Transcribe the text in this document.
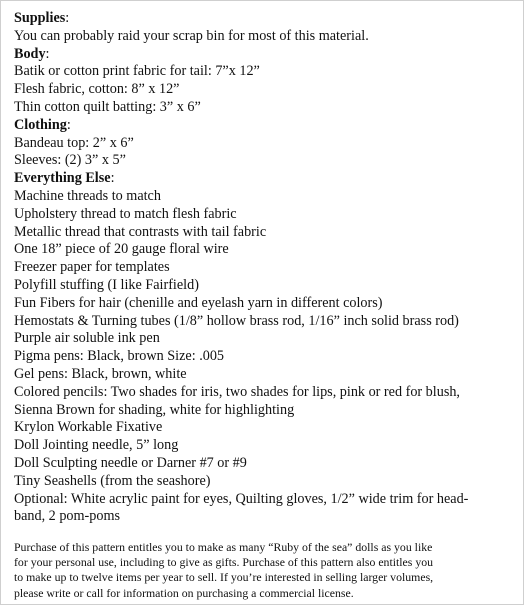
Supplies:
You can probably raid your scrap bin for most of this material.
Body:
Batik or cotton print fabric for tail: 7”x 12”
Flesh fabric, cotton: 8” x 12”
Thin cotton quilt batting: 3” x 6”
Clothing:
Bandeau top: 2” x 6”
Sleeves: (2) 3” x 5”
Everything Else:
Machine threads to match
Upholstery thread to match flesh fabric
Metallic thread that contrasts with tail fabric
One 18” piece of 20 gauge floral wire
Freezer paper for templates
Polyfill stuffing (I like Fairfield)
Fun Fibers for hair (chenille and eyelash yarn in different colors)
Hemostats & Turning tubes (1/8” hollow brass rod, 1/16” inch solid brass rod)
Purple air soluble ink pen
Pigma pens: Black, brown Size: .005
Gel pens: Black, brown, white
Colored pencils: Two shades for iris, two shades for lips, pink or red for blush,
Sienna Brown for shading, white for highlighting
Krylon Workable Fixative
Doll Jointing needle, 5” long
Doll Sculpting needle or Darner #7 or #9
Tiny Seashells (from the seashore)
Optional: White acrylic paint for eyes, Quilting gloves, 1/2” wide trim for head-
band, 2 pom-poms
Purchase of this pattern entitles you to make as many “Ruby of the sea” dolls as you like
for your personal use, including to give as gifts. Purchase of this pattern also entitles you
to make up to twelve items per year to sell. If you’re interested in selling larger volumes,
please write or call for information on purchasing a commercial license.
